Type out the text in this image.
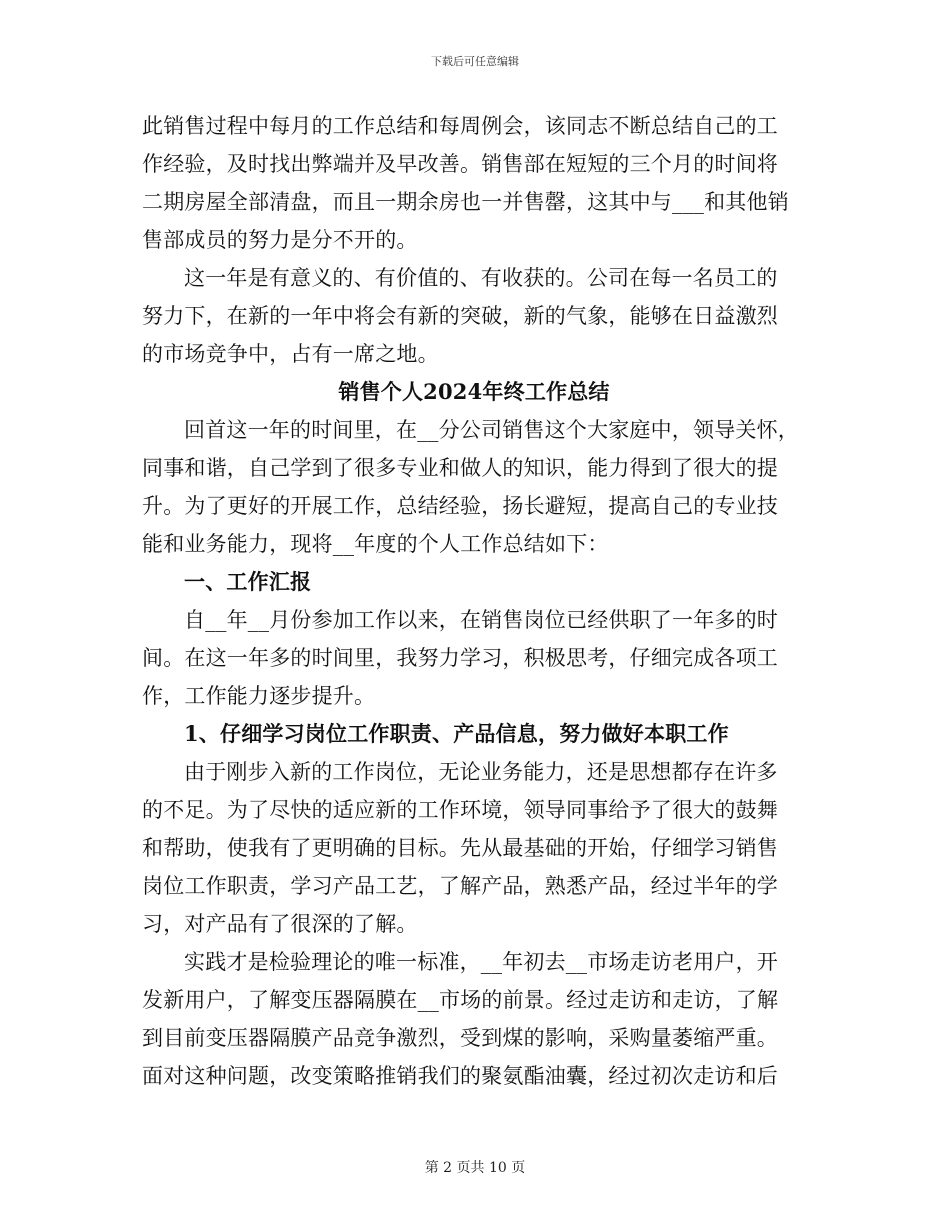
下载后可任意编辑
此销售过程中每月的工作总结和每周例会，该同志不断总结自己的工
作经验，及时找出弊端并及早改善。销售部在短短的三个月的时间将
二期房屋全部清盘，而且一期余房也一并售罄，这其中与___和其他销
售部成员的努力是分不开的。
这一年是有意义的、有价值的、有收获的。公司在每一名员工的
努力下，在新的一年中将会有新的突破，新的气象，能够在日益激烈
的市场竞争中，占有一席之地。
销售个人2024年终工作总结
回首这一年的时间里，在__分公司销售这个大家庭中，领导关怀，
同事和谐，自己学到了很多专业和做人的知识，能力得到了很大的提
升。为了更好的开展工作，总结经验，扬长避短，提高自己的专业技
能和业务能力，现将__年度的个人工作总结如下：
一、工作汇报
自__年__月份参加工作以来，在销售岗位已经供职了一年多的时
间。在这一年多的时间里，我努力学习，积极思考，仔细完成各项工
作，工作能力逐步提升。
1、仔细学习岗位工作职责、产品信息，努力做好本职工作
由于刚步入新的工作岗位，无论业务能力，还是思想都存在许多
的不足。为了尽快的适应新的工作环境，领导同事给予了很大的鼓舞
和帮助，使我有了更明确的目标。先从最基础的开始，仔细学习销售
岗位工作职责，学习产品工艺，了解产品，熟悉产品，经过半年的学
习，对产品有了很深的了解。
实践才是检验理论的唯一标准，__年初去__市场走访老用户，开
发新用户，了解变压器隔膜在__市场的前景。经过走访和走访，了解
到目前变压器隔膜产品竞争激烈，受到煤的影响，采购量萎缩严重。
面对这种问题，改变策略推销我们的聚氨酯油囊，经过初次走访和后
第 2 页共 10 页
